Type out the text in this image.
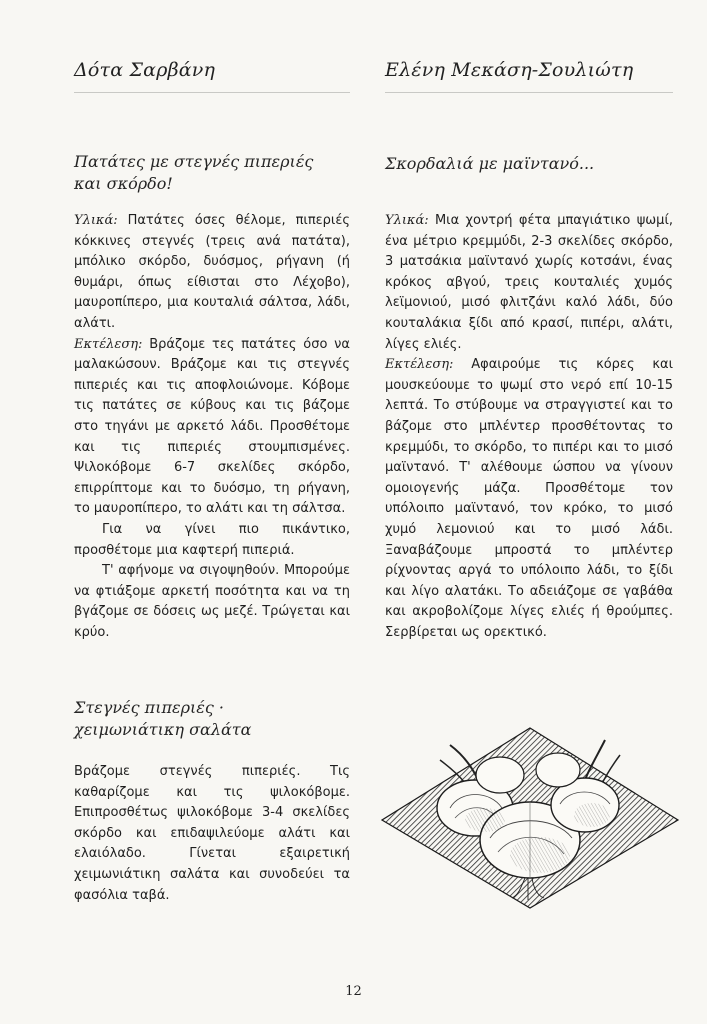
Δότα Σαρβάνη
Πατάτες με στεγνές πιπεριές
και σκόρδο!

Υλικά: Πατάτες όσες θέλομε, πιπεριές κόκκινες στεγνές (τρεις ανά πατάτα), μπόλικο σκόρδο, δυόσμος, ρήγανη (ή θυμάρι, όπως είθισται στο Λέχοβο), μαυροπίπερο, μια κουταλιά σάλτσα, λάδι, αλάτι.

Εκτέλεση: Βράζομε τες πατάτες όσο να μαλακώσουν. Βράζομε και τις στεγνές πιπεριές και τις αποφλοιώνομε. Κόβομε τις πατάτες σε κύβους και τις βάζομε στο τηγάνι με αρκετό λάδι. Προσθέτομε και τις πιπεριές στουμπισμένες. Ψιλοκόβομε 6-7 σκελίδες σκόρδο, επιρρίπτομε και το δυόσμο, τη ρήγανη, το μαυροπίπερο, το αλάτι και τη σάλτσα.

Για να γίνει πιο πικάντικο, προσθέτομε μια καφτερή πιπεριά.

Τ' αφήνομε να σιγοψηθούν. Μπορούμε να φτιάξομε αρκετή ποσότητα και να τη βγάζομε σε δόσεις ως μεζέ. Τρώγεται και κρύο.

Στεγνές πιπεριές ·
χειμωνιάτικη σαλάτα

Βράζομε στεγνές πιπεριές. Τις καθαρίζομε και τις ψιλοκόβομε. Επιπροσθέτως ψιλοκόβομε 3-4 σκελίδες σκόρδο και επιδαψιλεύομε αλάτι και ελαιόλαδο. Γίνεται εξαιρετική χειμωνιάτικη σαλάτα και συνοδεύει τα φασόλια ταβά.

Ελένη Μεκάση-Σουλιώτη
Σκορδαλιά με μαϊντανό...

Υλικά: Μια χοντρή φέτα μπαγιάτικο ψωμί, ένα μέτριο κρεμμύδι, 2-3 σκελίδες σκόρδο, 3 ματσάκια μαϊντανό χωρίς κοτσάνι, ένας κρόκος αβγού, τρεις κουταλιές χυμός λεϊμονιού, μισό φλιτζάνι καλό λάδι, δύο κουταλάκια ξίδι από κρασί, πιπέρι, αλάτι, λίγες ελιές.

Εκτέλεση: Αφαιρούμε τις κόρες και μουσκεύουμε το ψωμί στο νερό επί 10-15 λεπτά. Το στύβουμε να στραγγιστεί και το βάζομε στο μπλέντερ προσθέτοντας το κρεμμύδι, το σκόρδο, το πιπέρι και το μισό μαϊντανό. Τ' αλέθουμε ώσπου να γίνουν ομοιογενής μάζα. Προσθέτομε τον υπόλοιπο μαϊντανό, τον κρόκο, το μισό χυμό λεμονιού και το μισό λάδι. Ξαναβάζουμε μπροστά το μπλέντερ ρίχνοντας αργά το υπόλοιπο λάδι, το ξίδι και λίγο αλατάκι. Το αδειάζομε σε γαβάθα και ακροβολίζομε λίγες ελιές ή θρούμπες. Σερβίρεται ως ορεκτικό.

12
